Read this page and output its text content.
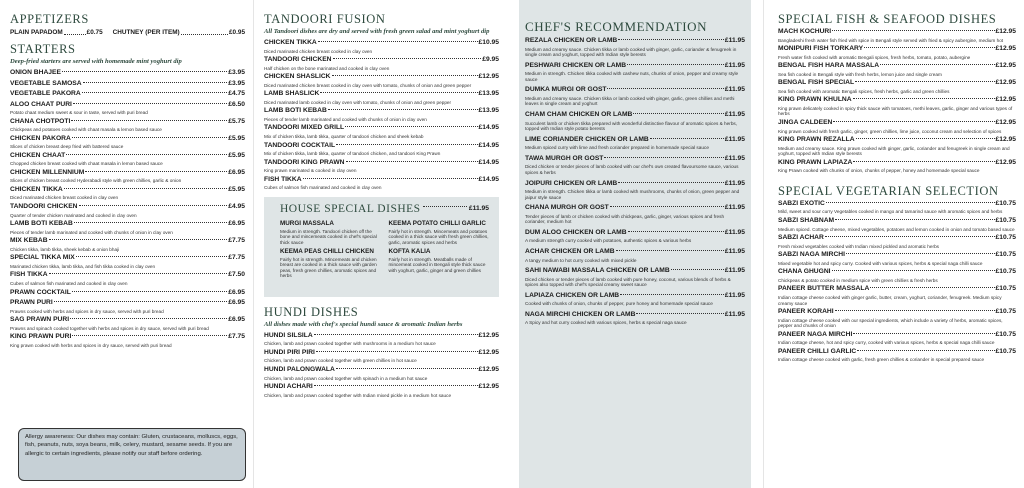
APPETIZERS
PLAIN PAPADOM	£0.75 CHUTNEY (PER ITEM)	£0.95
STARTERS
Deep-fried starters are served with homemade mint yoghurt dip
ONION BHAJEE	£3.95
VEGETABLE SAMOSA	£3.95
VEGETABLE PAKORA	£4.75
ALOO CHAAT PURI	£6.50
Potato chaat medium sweet & sour in taste, served with puri bread
CHANA CHOTPOTI	£5.75
Chickpeas and potatoes cooked with chaat masala & lemon based sauce
CHICKEN PAKORA	£5.95
Slices of chicken breast deep fried with battered sauce
CHICKEN CHAAT	£5.95
Chopped chicken breast cooked with chaat masala in lemon based sauce
CHICKEN MILLENNIUM	£6.95
Slices of chicken breast cooked Hyderabadi style with green chillies, garlic & onion
CHICKEN TIKKA	£5.95
Diced marinated chicken breast cooked in clay oven
TANDOORI CHICKEN	£4.95
Quarter of tender chicken marinated and cooked in clay oven
LAMB BOTI KEBAB	£6.95
Pieces of tender lamb marinated and cooked with chunks of onion in clay oven
MIX KEBAB	£7.75
Chicken tikka, lamb tikka, sheek kebab & onion bhaji
SPECIAL TIKKA MIX	£7.75
Marinated chicken tikka, lamb tikka, and fish tikka cooked in clay oven
FISH TIKKA	£7.50
Cubes of salmon fish marinated and cooked in clay oven
PRAWN COCKTAIL	£6.95
PRAWN PURI	£6.95
Prawns cooked with herbs and spices in dry sauce, served with puri bread
SAG PRAWN PURI	£6.95
Prawns and spinach cooked together with herbs and spices in dry sauce, served with puri bread
KING PRAWN PURI	£7.75
King prawn cooked with herbs and spices in dry sauce, served with puri bread
Allergy awareness: Our dishes may contain: Gluten, crustaceans, molluscs, eggs, fish, peanuts, nuts, soya beans, milk, celery, mustard, sesame seeds. If you are allergic to certain ingredients, please notify our staff before ordering.
TANDOORI FUSION
All Tandoori dishes are dry and served with fresh green salad and mint yoghurt dip
CHICKEN TIKKA	£10.95
Diced marinated chicken breast cooked in clay oven
TANDOORI CHICKEN	£9.95
Half chicken on the bone marinated and cooked in clay oven
CHICKEN SHASLICK	£12.95
Diced marinated chicken breast cooked in clay oven with tomato, chunks of onion and green pepper
LAMB SHASLICK	£13.95
Diced marinated lamb cooked in clay oven with tomato, chunks of onion and green pepper
LAMB BOTI KEBAB	£13.95
Pieces of tender lamb marinated and cooked with chunks of onion in clay oven
TANDOORI MIXED GRILL	£14.95
Mix of chicken tikka, lamb tikka, quarter of tandoori chicken and sheek kebab
TANDOORI COCKTAIL	£14.95
Mix of chicken tikka, lamb tikka, quarter of tandoori chicken, and tandoori King Prawn
TANDOORI KING PRAWN	£14.95
King prawn marinated & cooked in clay oven
FISH TIKKA	£14.95
Cubes of salmon fish marinated and cooked in clay oven
HOUSE SPECIAL DISHES	£11.95
MURGI MASSALA
Medium in strength. Tandoori chicken off the bone and mincemeats cooked in chef's special thick sauce
KEEMA POTATO CHILLI GARLIC
Fairly hot in strength. Mincemeats and potatoes cooked in a thick sauce with fresh green chillies, garlic, aromatic spices and herbs
KEEMA PEAS CHILLI CHICKEN
Fairly hot in strength. Mincemeats and chicken breast are cooked in a thick sauce with garden peas, fresh green chillies, aromatic spices and herbs
KOFTA KALIA
Fairly hot in strength. Meatballs made of mincemeat cooked in Bengali style thick sauce with yoghurt, garlic, ginger and green chillies
HUNDI DISHES
All dishes made with chef's special hundi sauce & aromatic Indian herbs
HUNDI SILSILA	£12.95
Chicken, lamb and prawn cooked together with mushrooms in a medium hot sauce
HUNDI PIRI PIRI	£12.95
Chicken, lamb and prawn cooked together with green chillies in hot sauce
HUNDI PALONGWALA	£12.95
Chicken, lamb and prawn cooked together with spinach in a medium hot sauce
HUNDI ACHARI	£12.95
Chicken, lamb and prawn cooked together with Indian mixed pickle in a medium hot sauce
CHEF'S RECOMMENDATION
REZALA CHICKEN OR LAMB	£11.95
Medium and creamy sauce. Chicken tikka or lamb cooked with ginger, garlic, coriander & fenugreek in single cream and yoghurt, topped with Indian style berests
PESHWARI CHICKEN OR LAMB	£11.95
Medium in strength. Chicken tikka cooked with cashew nuts, chunks of onion, pepper and creamy style sauce
DUMKA MURGI OR GOST	£11.95
Medium and creamy sauce. Chicken tikka or lamb cooked with ginger, garlic, green chillies and methi leaves in single cream and yoghurt
CHAM CHAM CHICKEN OR LAMB	£11.95
Succulent lamb or chicken tikka prepared with wonderful distinctive flavour of aromatic spices & herbs, topped with Indian style potato berests
LIME CORIANDER CHICKEN OR LAMB	£11.95
Medium spiced curry with lime and fresh coriander prepared in homemade special sauce
TAWA MURGH OR GOST	£11.95
Diced chicken or tender pieces of lamb cooked with our chef's own created flavoursome sauce, various spices & herbs
JOIPURI CHICKEN OR LAMB	£11.95
Medium in strength. Chicken tikka or lamb cooked with mushrooms, chunks of onion, green pepper and jaipur style sauce
CHANA MURGH OR GOST	£11.95
Tender pieces of lamb or chicken cooked with chickpeas, garlic, ginger, various spices and fresh coriander, medium hot
DUM ALOO CHICKEN OR LAMB	£11.95
A medium strength curry cooked with potatoes, authentic spices & various herbs
ACHAR CHICKEN OR LAMB	£11.95
A tangy medium to hot curry cooked with mixed pickle
SAHI NAWABI MASSALA CHICKEN OR LAMB	£11.95
Diced chicken or tender pieces of lamb cooked with pure honey, coconut, various blends of herbs & spices also topped with chef's special creamy sweet sauce
LAPIAZA CHICKEN OR LAMB	£11.95
Cooked with chunks of onion, chunks of pepper, pure honey and homemade special sauce
NAGA MIRCHI CHICKEN OR LAMB	£11.95
A Spicy and hot curry cooked with various spices, herbs & special naga sauce
SPECIAL FISH & SEAFOOD DISHES
MACH KOCHURI	£12.95
Bangladeshi fresh water fish fried with spice in Bengali style served with fried & spicy aubergine, medium hot
MONIPURI FISH TORKARY	£12.95
Fresh water fish cooked with aromatic Bengali spices, fresh herbs, tomato, potato, aubergine
BENGAL FISH HARA MASSALA	£12.95
Sea fish cooked in Bengali style with fresh herbs, lemon juice and single cream
BENGAL FISH SPECIAL	£12.95
Sea fish cooked with aromatic Bengali spices, fresh herbs, garlic and green chillies
KING PRAWN KHULNA	£12.95
King prawn delicately cooked in spicy thick sauce with tomatoes, methi leaves, garlic, ginger and various types of herbs
JINGA CALDEEN	£12.95
King prawn cooked with fresh garlic, ginger, green chillies, lime juice, coconut cream and selection of spices
KING PRAWN REZALLA	£12.95
Medium and creamy sauce. King prawn cooked with ginger, garlic, coriander and fenugreek in single cream and yoghurt, topped with Indian style berests
KING PRAWN LAPIAZA	£12.95
King Prawn cooked with chunks of onion, chunks of pepper, honey and homemade special sauce
SPECIAL VEGETARIAN SELECTION
SABZI EXOTIC	£10.75
Mild, sweet and sour curry Vegetables cooked in mango and tamarind sauce with aromatic spices and herbs
SABZI SHABNAM	£10.75
Medium spiced. Cottage cheese, mixed vegetables, potatoes and lemon cooked in onion and tomato based sauce
SABZI ACHAR	£10.75
Fresh mixed vegetables cooked with Indian mixed pickled and aromatic herbs
SABZI NAGA MIRCHI	£10.75
Mixed vegetable hot and spicy curry. Cooked with various spices, herbs & special naga chilli sauce
CHANA GHUGNI	£10.75
Chickpeas & potato cooked in medium spice with green chillies & fresh herbs
PANEER BUTTER MASSALA	£10.75
Indian cottage cheese cooked with ginger garlic, butter, cream, yoghurt, coriander, fenugreek. Medium spicy creamy sauce
PANEER KORAHI	£10.75
Indian cottage cheese cooked with our special ingredients, which include a variety of herbs, aromatic spices, pepper and chunks of onion
PANEER NAGA MIRCHI	£10.75
Indian cottage cheese, hot and spicy curry, cooked with various spices, herbs & special naga chilli sauce
PANEER CHILLI GARLIC	£10.75
Indian cottage cheese cooked with garlic, fresh green chillies & coriander in special prepared sauce
